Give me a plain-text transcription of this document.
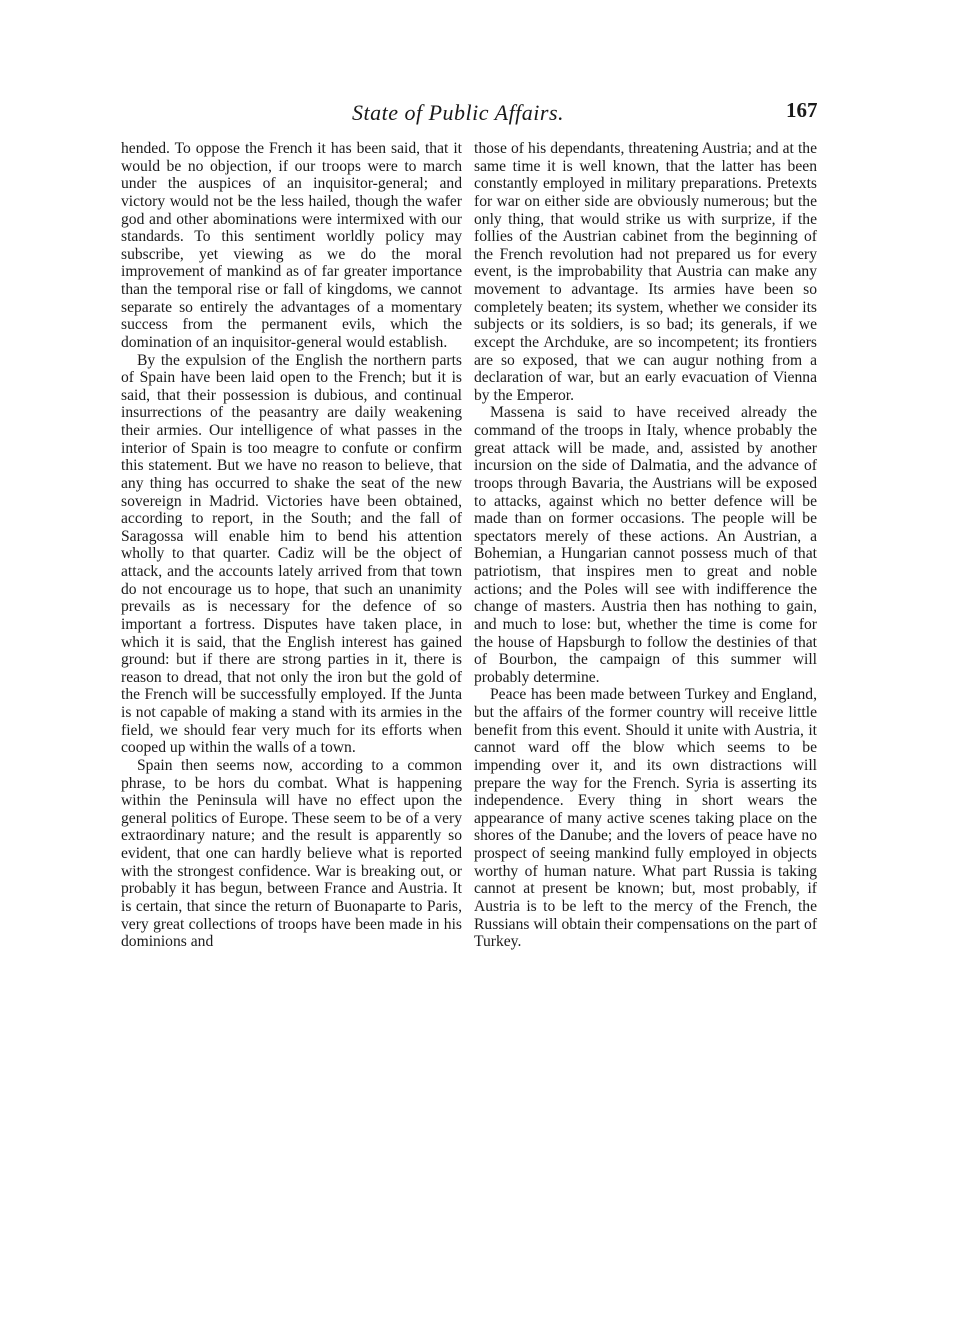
State of Public Affairs.	167

hended. To oppose the French it has been said, that it would be no objection, if our troops were to march under the auspices of an inquisitor-general; and victory would not be the less hailed, though the wafer god and other abominations were intermixed with our standards. To this sentiment worldly policy may subscribe, yet viewing as we do the moral improvement of mankind as of far greater importance than the temporal rise or fall of kingdoms, we cannot separate so entirely the advantages of a momentary success from the permanent evils, which the domination of an inquisitor-general would establish.

By the expulsion of the English the northern parts of Spain have been laid open to the French; but it is said, that their possession is dubious, and continual insurrections of the peasantry are daily weakening their armies. Our intelligence of what passes in the interior of Spain is too meagre to confute or confirm this statement. But we have no reason to believe, that any thing has occurred to shake the seat of the new sovereign in Madrid. Victories have been obtained, according to report, in the South; and the fall of Saragossa will enable him to bend his attention wholly to that quarter. Cadiz will be the object of attack, and the accounts lately arrived from that town do not encourage us to hope, that such an unanimity prevails as is necessary for the defence of so important a fortress. Disputes have taken place, in which it is said, that the English interest has gained ground: but if there are strong parties in it, there is reason to dread, that not only the iron but the gold of the French will be successfully employed. If the Junta is not capable of making a stand with its armies in the field, we should fear very much for its efforts when cooped up within the walls of a town.

Spain then seems now, according to a common phrase, to be hors du combat. What is happening within the Peninsula will have no effect upon the general politics of Europe. These seem to be of a very extraordinary nature; and the result is apparently so evident, that one can hardly believe what is reported with the strongest confidence. War is breaking out, or probably it has begun, between France and Austria. It is certain, that since the return of Buonaparte to Paris, very great collections of troops have been made in his dominions and

those of his dependants, threatening Austria; and at the same time it is well known, that the latter has been constantly employed in military preparations. Pretexts for war on either side are obviously numerous; but the only thing, that would strike us with surprize, if the follies of the Austrian cabinet from the beginning of the French revolution had not prepared us for every event, is the improbability that Austria can make any movement to advantage. Its armies have been so completely beaten; its system, whether we consider its subjects or its soldiers, is so bad; its generals, if we except the Archduke, are so incompetent; its frontiers are so exposed, that we can augur nothing from a declaration of war, but an early evacuation of Vienna by the Emperor.

Massena is said to have received already the command of the troops in Italy, whence probably the great attack will be made, and, assisted by another incursion on the side of Dalmatia, and the advance of troops through Bavaria, the Austrians will be exposed to attacks, against which no better defence will be made than on former occasions. The people will be spectators merely of these actions. An Austrian, a Bohemian, a Hungarian cannot possess much of that patriotism, that inspires men to great and noble actions; and the Poles will see with indifference the change of masters. Austria then has nothing to gain, and much to lose: but, whether the time is come for the house of Hapsburgh to follow the destinies of that of Bourbon, the campaign of this summer will probably determine.

Peace has been made between Turkey and England, but the affairs of the former country will receive little benefit from this event. Should it unite with Austria, it cannot ward off the blow which seems to be impending over it, and its own distractions will prepare the way for the French. Syria is asserting its independence. Every thing in short wears the appearance of many active scenes taking place on the shores of the Danube; and the lovers of peace have no prospect of seeing mankind fully employed in objects worthy of human nature. What part Russia is taking cannot at present be known; but, most probably, if Austria is to be left to the mercy of the French, the Russians will obtain their compensations on the part of Turkey.
